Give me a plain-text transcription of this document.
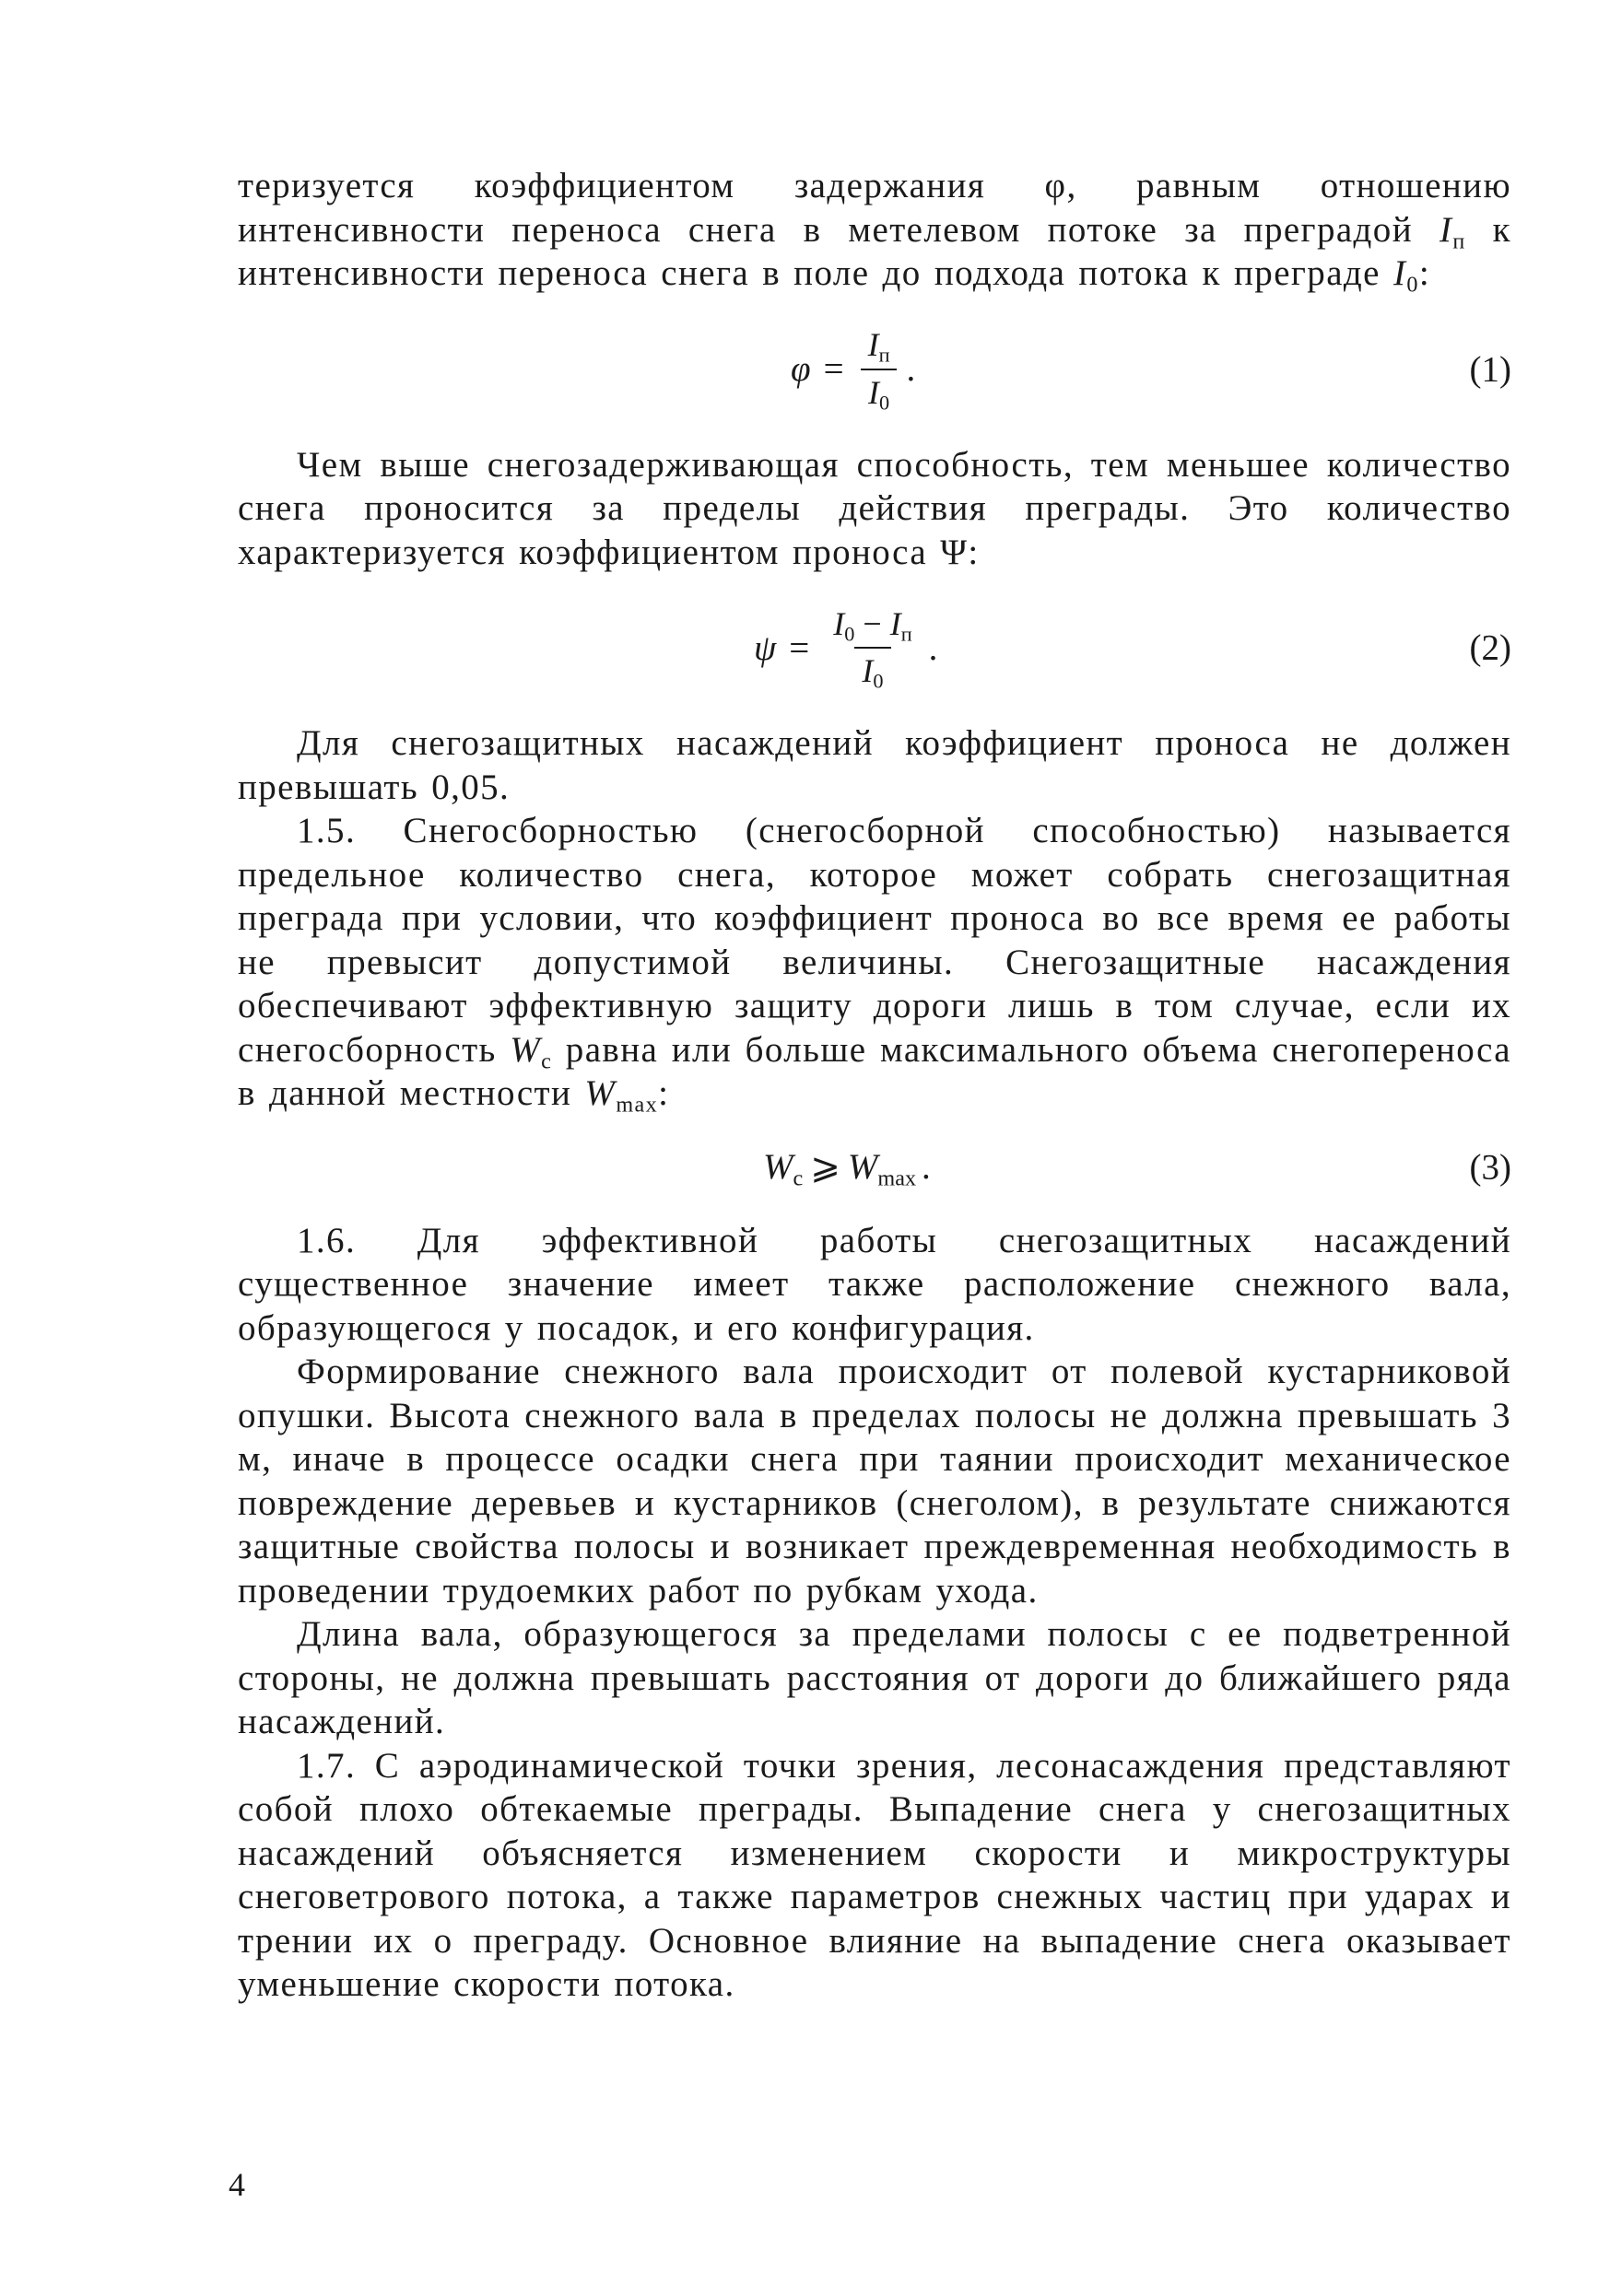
теризуется коэффициентом задержания φ, равным отношению интенсивности переноса снега в метелевом потоке за преградой $I_п$ к интенсивности переноса снега в поле до подхода потока к преграде $I_0$:

$\varphi = \frac{I_п}{I_0}$ .	(1)

Чем выше снегозадерживающая способность, тем меньшее количество снега проносится за пределы действия преграды. Это количество характеризуется коэффициентом проноса Ψ:

$\psi = \frac{I_0 - I_п}{I_0}$ .	(2)

Для снегозащитных насаждений коэффициент проноса не должен превышать 0,05.

1.5. Снегосборностью (снегосборной способностью) называется предельное количество снега, которое может собрать снегозащитная преграда при условии, что коэффициент проноса во все время ее работы не превысит допустимой величины. Снегозащитные насаждения обеспечивают эффективную защиту дороги лишь в том случае, если их снегосборность $W_с$ равна или больше максимального объема снегопереноса в данной местности $W_{max}$:

$W_с$ ⩾ $W_{max}$ .	(3)

1.6. Для эффективной работы снегозащитных насаждений существенное значение имеет также расположение снежного вала, образующегося у посадок, и его конфигурация.

Формирование снежного вала происходит от полевой кустарниковой опушки. Высота снежного вала в пределах полосы не должна превышать 3 м, иначе в процессе осадки снега при таянии происходит механическое повреждение деревьев и кустарников (снеголом), в результате снижаются защитные свойства полосы и возникает преждевременная необходимость в проведении трудоемких работ по рубкам ухода.

Длина вала, образующегося за пределами полосы с ее подветренной стороны, не должна превышать расстояния от дороги до ближайшего ряда насаждений.

1.7. С аэродинамической точки зрения, лесонасаждения представляют собой плохо обтекаемые преграды. Выпадение снега у снегозащитных насаждений объясняется изменением скорости и микроструктуры снеговетрового потока, а также параметров снежных частиц при ударах и трении их о преграду. Основное влияние на выпадение снега оказывает уменьшение скорости потока.

4
